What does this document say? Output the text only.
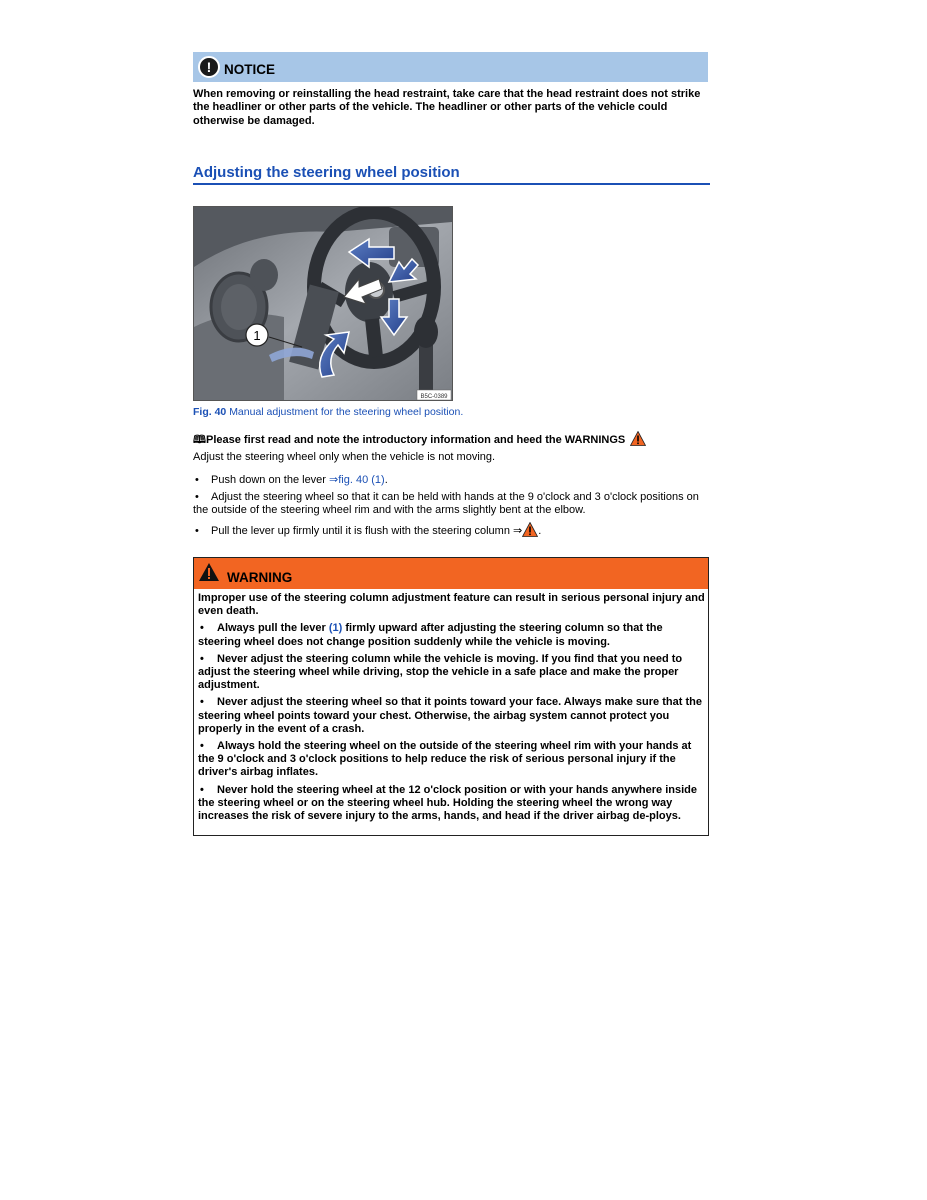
! NOTICE
When removing or reinstalling the head restraint, take care that the head restraint does not strike the headliner or other parts of the vehicle. The headliner or other parts of the vehicle could otherwise be damaged.
Adjusting the steering wheel position
1
B5C-0389
Fig. 40 Manual adjustment for the steering wheel position.
🕮Please first read and note the introductory information and heed the WARNINGS
Adjust the steering wheel only when the vehicle is not moving.
• Push down on the lever ⇒fig. 40 (1).
• Adjust the steering wheel so that it can be held with hands at the 9 o'clock and 3 o'clock positions on the outside of the steering wheel rim and with the arms slightly bent at the elbow.
• Pull the lever up firmly until it is flush with the steering column ⇒ .
WARNING

Improper use of the steering column adjustment feature can result in serious personal injury and even death.

• Always pull the lever (1) firmly upward after adjusting the steering column so that the steering wheel does not change position suddenly while the vehicle is moving.

• Never adjust the steering column while the vehicle is moving. If you find that you need to adjust the steering wheel while driving, stop the vehicle in a safe place and make the proper adjustment.

• Never adjust the steering wheel so that it points toward your face. Always make sure that the steering wheel points toward your chest. Otherwise, the airbag system cannot protect you properly in the event of a crash.

• Always hold the steering wheel on the outside of the steering wheel rim with your hands at the 9 o'clock and 3 o'clock positions to help reduce the risk of serious personal injury if the driver's airbag inflates.

• Never hold the steering wheel at the 12 o'clock position or with your hands anywhere inside the steering wheel or on the steering wheel hub. Holding the steering wheel the wrong way increases the risk of severe injury to the arms, hands, and head if the driver airbag de-ploys.
